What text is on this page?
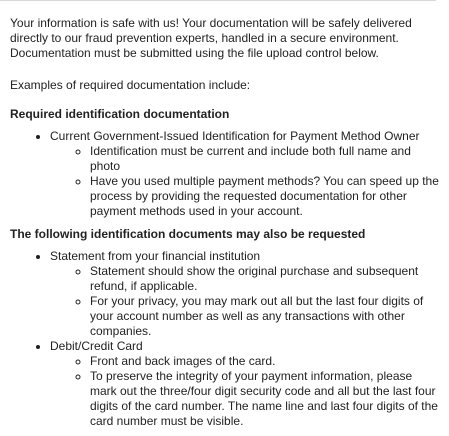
Your information is safe with us! Your documentation will be safely delivered directly to our fraud prevention experts, handled in a secure environment. Documentation must be submitted using the file upload control below.

Examples of required documentation include:

Required identification documentation
• Current Government-Issued Identification for Payment Method Owner
◦ Identification must be current and include both full name and photo
◦ Have you used multiple payment methods? You can speed up the process by providing the requested documentation for other payment methods used in your account.
The following identification documents may also be requested
• Statement from your financial institution
◦ Statement should show the original purchase and subsequent refund, if applicable.
◦ For your privacy, you may mark out all but the last four digits of your account number as well as any transactions with other companies.
• Debit/Credit Card
◦ Front and back images of the card.
◦ To preserve the integrity of your payment information, please mark out the three/four digit security code and all but the last four digits of the card number. The name line and last four digits of the card number must be visible.
